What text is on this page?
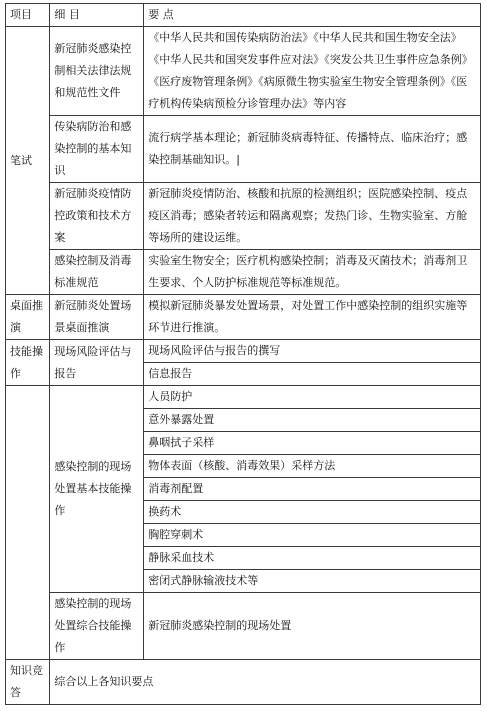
项目	细 目	要 点
笔试	新冠肺炎感染控制相关法律法规和规范性文件	《中华人民共和国传染病防治法》《中华人民共和国生物安全法》《中华人民共和国突发事件应对法》《突发公共卫生事件应急条例》《医疗废物管理条例》《病原微生物实验室生物安全管理条例》《医疗机构传染病预检分诊管理办法》等内容
	传染病防治和感染控制的基本知识	流行病学基本理论；新冠肺炎病毒特征、传播特点、临床治疗；感染控制基础知识。|
	新冠肺炎疫情防控政策和技术方案	新冠肺炎疫情防治、核酸和抗原的检测组织；医院感染控制、疫点疫区消毒；感染者转运和隔离观察；发热门诊、生物实验室、方舱等场所的建设运维。
	感染控制及消毒标准规范	实验室生物安全；医疗机构感染控制；消毒及灭菌技术；消毒剂卫生要求、个人防护标准规范等标准规范。
桌面推演	新冠肺炎处置场景桌面推演	模拟新冠肺炎暴发处置场景，对处置工作中感染控制的组织实施等环节进行推演。
技能操作	现场风险评估与报告	现场风险评估与报告的撰写
		信息报告
	感染控制的现场处置基本技能操作	人员防护
		意外暴露处置
		鼻咽拭子采样
		物体表面（核酸、消毒效果）采样方法
		消毒剂配置
		换药术
		胸腔穿刺术
		静脉采血技术
		密闭式静脉输液技术等
	感染控制的现场处置综合技能操作	新冠肺炎感染控制的现场处置
知识竞答	综合以上各知识要点	
